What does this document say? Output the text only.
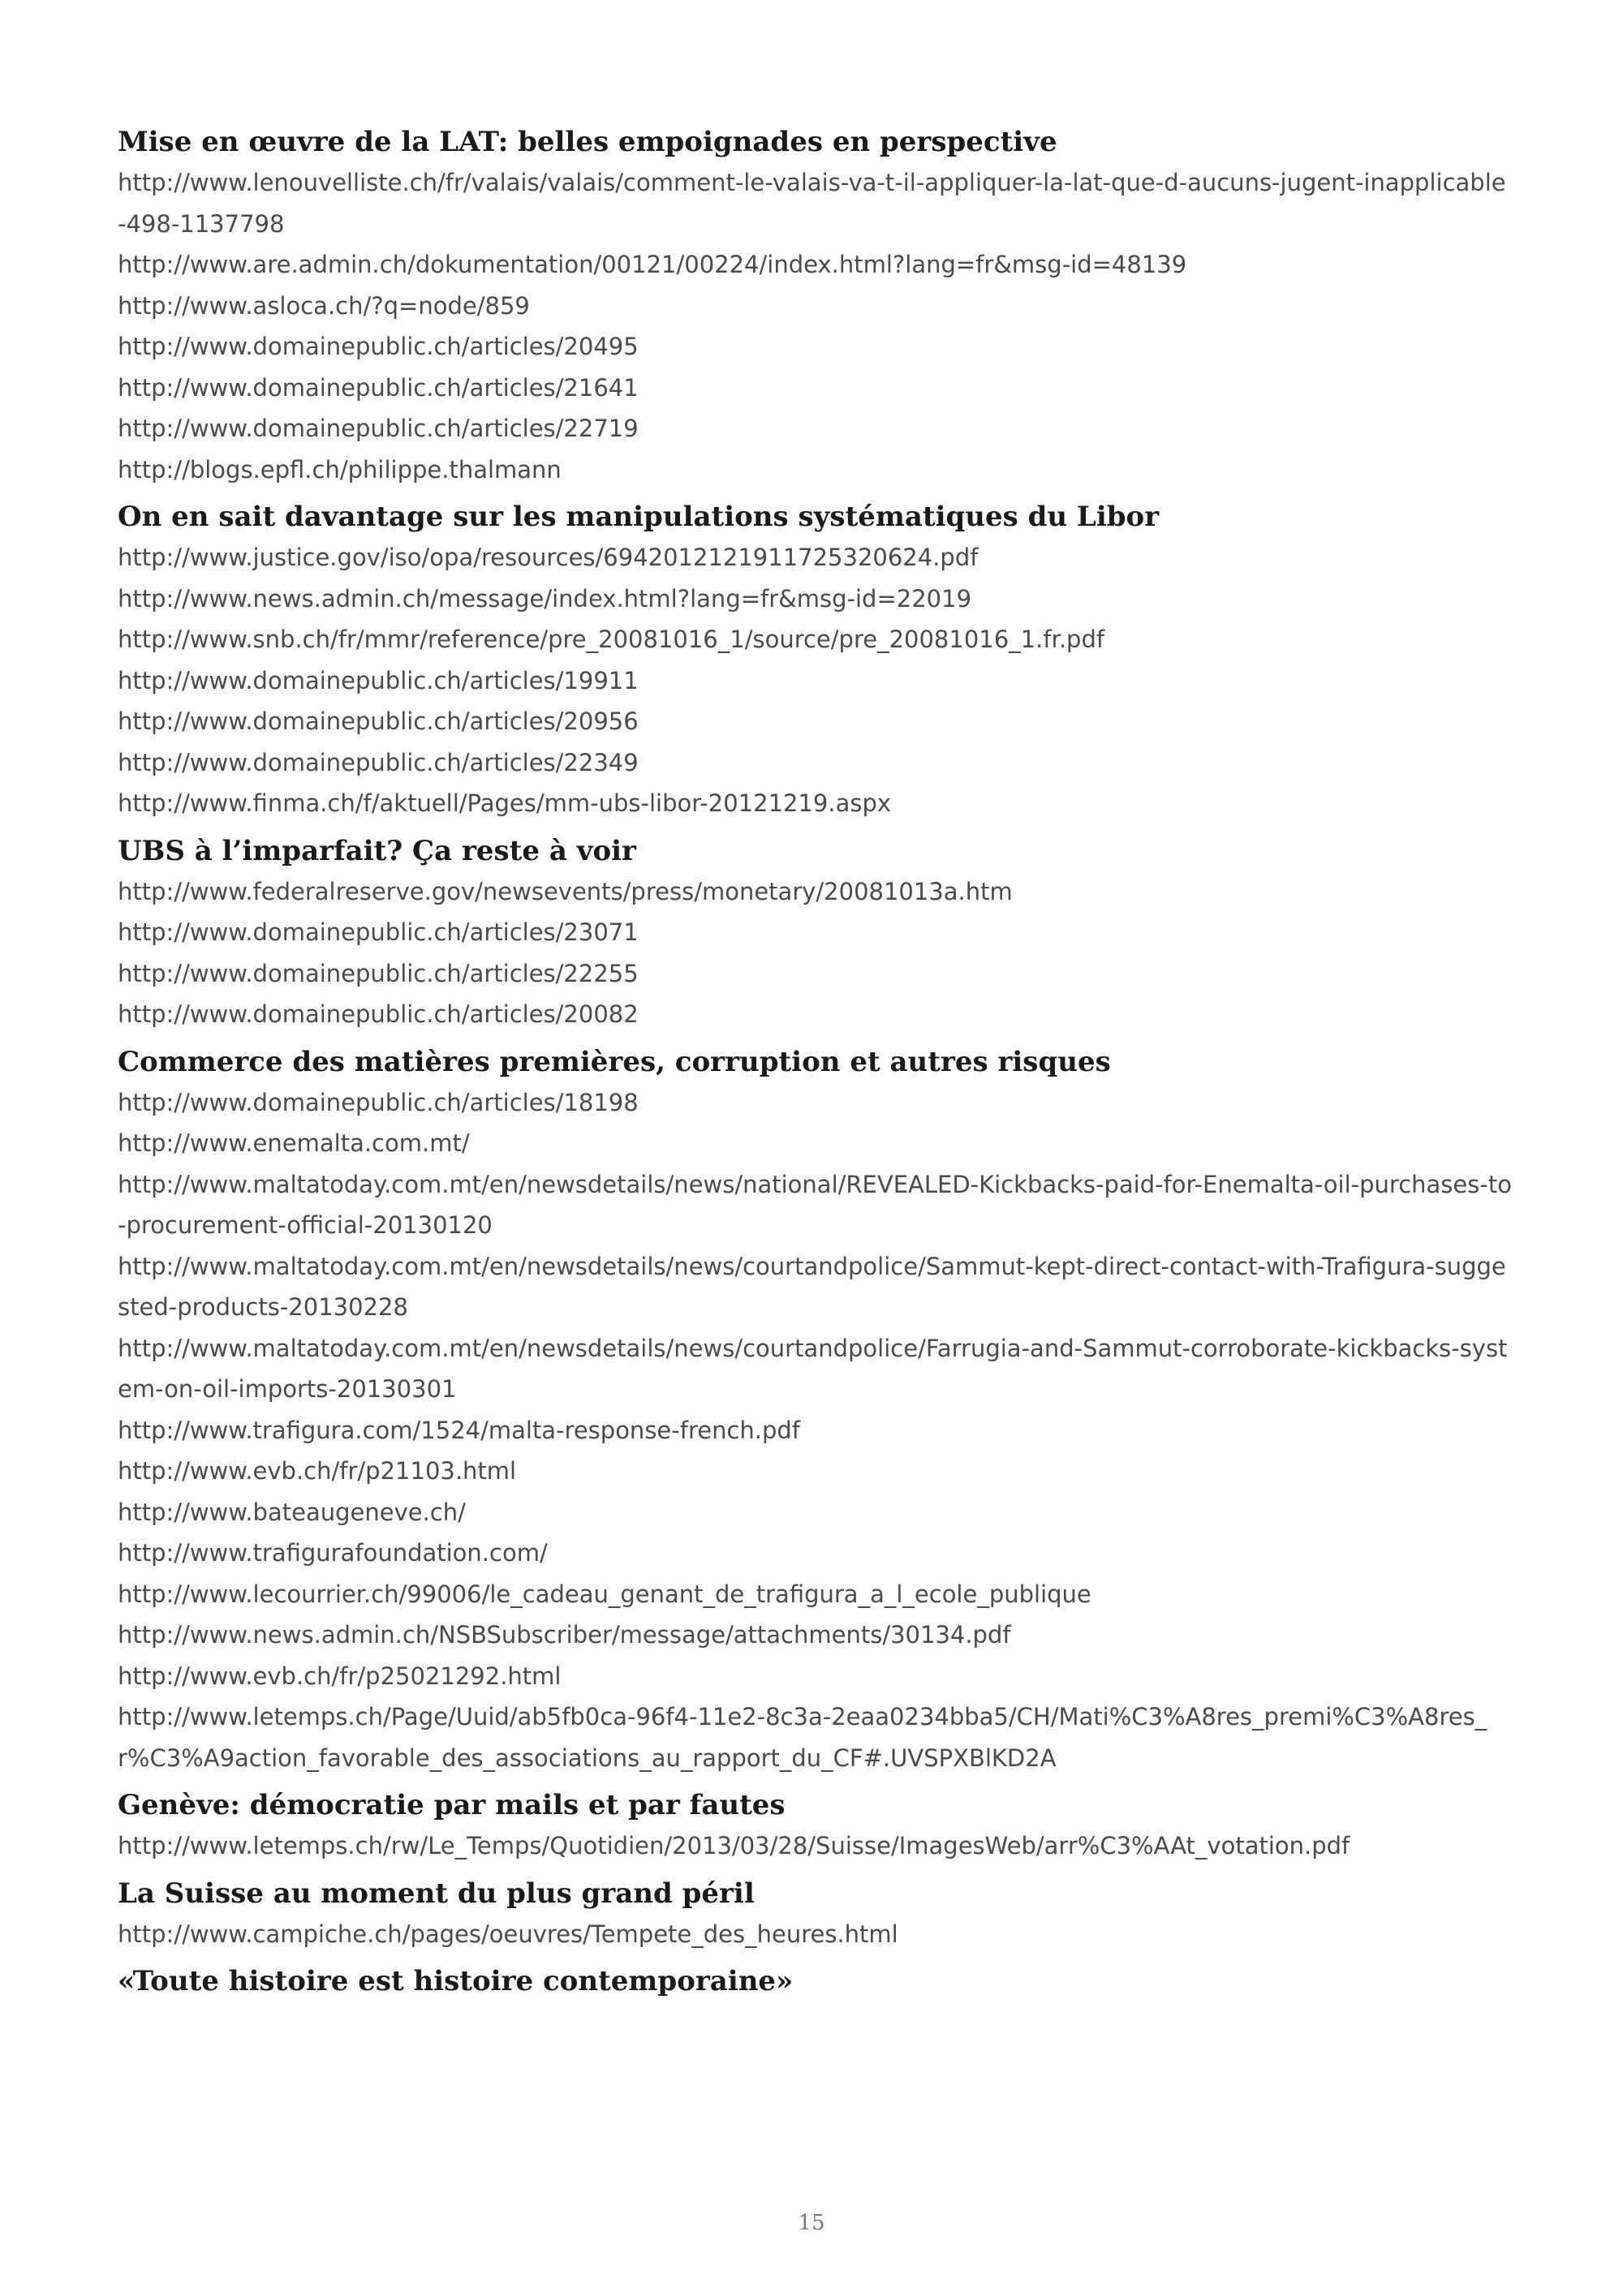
Mise en œuvre de la LAT: belles empoignades en perspective
http://www.lenouvelliste.ch/fr/valais/valais/comment-le-valais-va-t-il-appliquer-la-lat-que-d-aucuns-jugent-inapplicable-498-1137798
http://www.are.admin.ch/dokumentation/00121/00224/index.html?lang=fr&msg-id=48139
http://www.asloca.ch/?q=node/859
http://www.domainepublic.ch/articles/20495
http://www.domainepublic.ch/articles/21641
http://www.domainepublic.ch/articles/22719
http://blogs.epfl.ch/philippe.thalmann
On en sait davantage sur les manipulations systématiques du Libor
http://www.justice.gov/iso/opa/resources/6942012121911725320624.pdf
http://www.news.admin.ch/message/index.html?lang=fr&msg-id=22019
http://www.snb.ch/fr/mmr/reference/pre_20081016_1/source/pre_20081016_1.fr.pdf
http://www.domainepublic.ch/articles/19911
http://www.domainepublic.ch/articles/20956
http://www.domainepublic.ch/articles/22349
http://www.finma.ch/f/aktuell/Pages/mm-ubs-libor-20121219.aspx
UBS à l’imparfait? Ça reste à voir
http://www.federalreserve.gov/newsevents/press/monetary/20081013a.htm
http://www.domainepublic.ch/articles/23071
http://www.domainepublic.ch/articles/22255
http://www.domainepublic.ch/articles/20082
Commerce des matières premières, corruption et autres risques
http://www.domainepublic.ch/articles/18198
http://www.enemalta.com.mt/
http://www.maltatoday.com.mt/en/newsdetails/news/national/REVEALED-Kickbacks-paid-for-Enemalta-oil-purchases-to-procurement-official-20130120
http://www.maltatoday.com.mt/en/newsdetails/news/courtandpolice/Sammut-kept-direct-contact-with-Trafigura-suggested-products-20130228
http://www.maltatoday.com.mt/en/newsdetails/news/courtandpolice/Farrugia-and-Sammut-corroborate-kickbacks-system-on-oil-imports-20130301
http://www.trafigura.com/1524/malta-response-french.pdf
http://www.evb.ch/fr/p21103.html
http://www.bateaugeneve.ch/
http://www.trafigurafoundation.com/
http://www.lecourrier.ch/99006/le_cadeau_genant_de_trafigura_a_l_ecole_publique
http://www.news.admin.ch/NSBSubscriber/message/attachments/30134.pdf
http://www.evb.ch/fr/p25021292.html
http://www.letemps.ch/Page/Uuid/ab5fb0ca-96f4-11e2-8c3a-2eaa0234bba5/CH/Mati%C3%A8res_premi%C3%A8res_r%C3%A9action_favorable_des_associations_au_rapport_du_CF#.UVSPXBlKD2A
Genève: démocratie par mails et par fautes
http://www.letemps.ch/rw/Le_Temps/Quotidien/2013/03/28/Suisse/ImagesWeb/arr%C3%AAt_votation.pdf
La Suisse au moment du plus grand péril
http://www.campiche.ch/pages/oeuvres/Tempete_des_heures.html
«Toute histoire est histoire contemporaine»
15
